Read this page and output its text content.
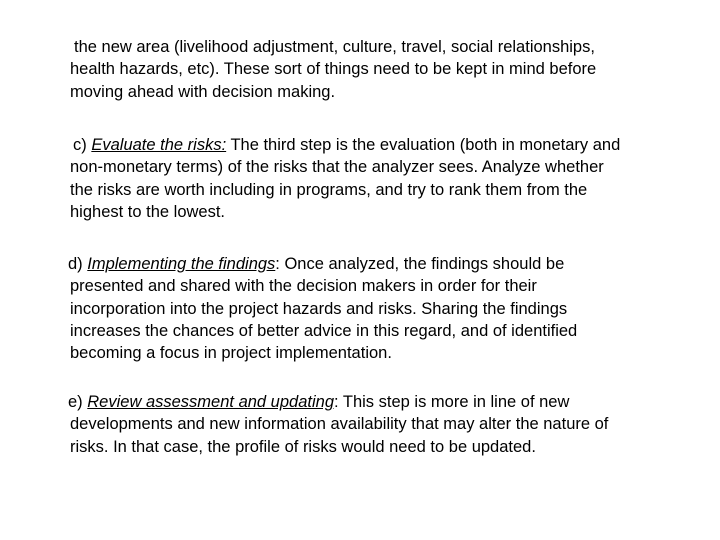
the new area (livelihood adjustment, culture, travel, social relationships,
health hazards, etc). These sort of things need to be kept in mind before
moving ahead with decision making.
c) Evaluate the risks: The third step is the evaluation (both in monetary and
non-monetary terms) of the risks that the analyzer sees. Analyze whether
the risks are worth including in programs, and try to rank them from the
highest to the lowest.
d) Implementing the findings: Once analyzed, the findings should be
presented and shared with the decision makers in order for their
incorporation into the project hazards and risks. Sharing the findings
increases the chances of better advice in this regard, and of identified
becoming a focus in project implementation.
e) Review assessment and updating: This step is more in line of new
developments and new information availability that may alter the nature of
risks. In that case, the profile of risks would need to be updated.
